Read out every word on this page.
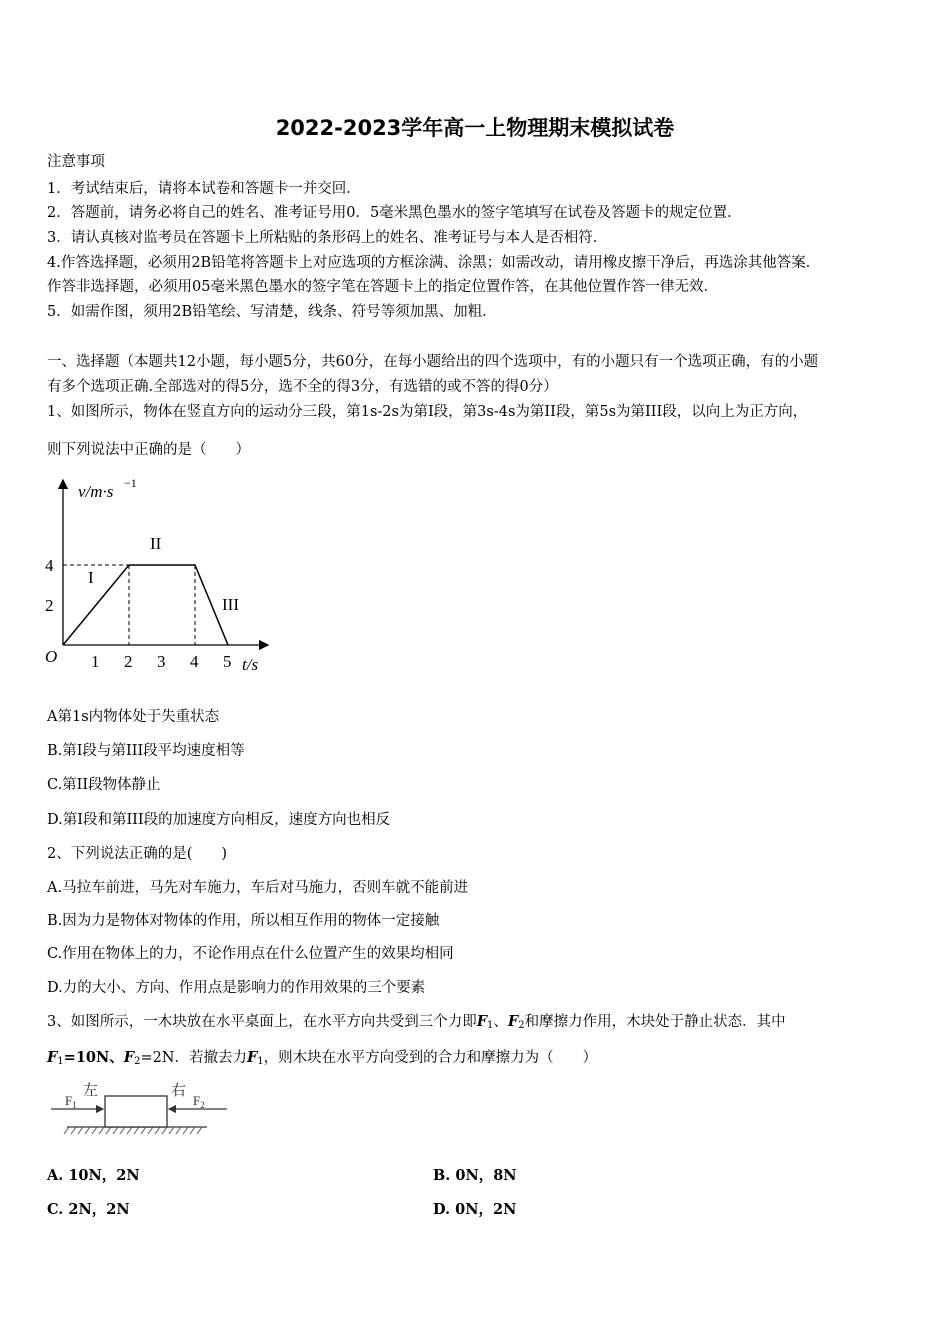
2022-2023学年高一上物理期末模拟试卷
注意事项
1．考试结束后，请将本试卷和答题卡一并交回．
2．答题前，请务必将自己的姓名、准考证号用0．5毫米黑色墨水的签字笔填写在试卷及答题卡的规定位置．
3．请认真核对监考员在答题卡上所粘贴的条形码上的姓名、准考证号与本人是否相符．
4.作答选择题，必须用2B铅笔将答题卡上对应选项的方框涂满、涂黑；如需改动，请用橡皮擦干净后，再选涂其他答案．
作答非选择题，必须用05毫米黑色墨水的签字笔在答题卡上的指定位置作答，在其他位置作答一律无效．
5．如需作图，须用2B铅笔绘、写清楚，线条、符号等须加黑、加粗．
一、选择题（本题共12小题，每小题5分，共60分，在每小题给出的四个选项中，有的小题只有一个选项正确，有的小题
有多个选项正确.全部选对的得5分，选不全的得3分，有选错的或不答的得0分）
1、如图所示，物体在竖直方向的运动分三段，第1s-2s为第I段，第3s-4s为第II段，第5s为第III段，以向上为正方向，
则下列说法中正确的是（　　）
v/m·s −1
t/s
O 1 2 3 4 5
2
4
I
II
III
A第1s内物体处于失重状态
B.第I段与第III段平均速度相等
C.第II段物体静止
D.第I段和第III段的加速度方向相反，速度方向也相反
2、下列说法正确的是(　　)
A.马拉车前进，马先对车施力，车后对马施力，否则车就不能前进
B.因为力是物体对物体的作用，所以相互作用的物体一定接触
C.作用在物体上的力，不论作用点在什么位置产生的效果均相同
D.力的大小、方向、作用点是影响力的作用效果的三个要素
3、如图所示，一木块放在水平桌面上，在水平方向共受到三个力即$F_1$、$F_2$和摩擦力作用，木块处于静止状态．其中
$F_1=10N$、$F_2=2N$．若撤去力$F_1$，则木块在水平方向受到的合力和摩擦力为（　　）
$F_1$
左	右
$F_2$
A. 10N，2N	B. 0N，8N
C. 2N，2N	D. 0N，2N
